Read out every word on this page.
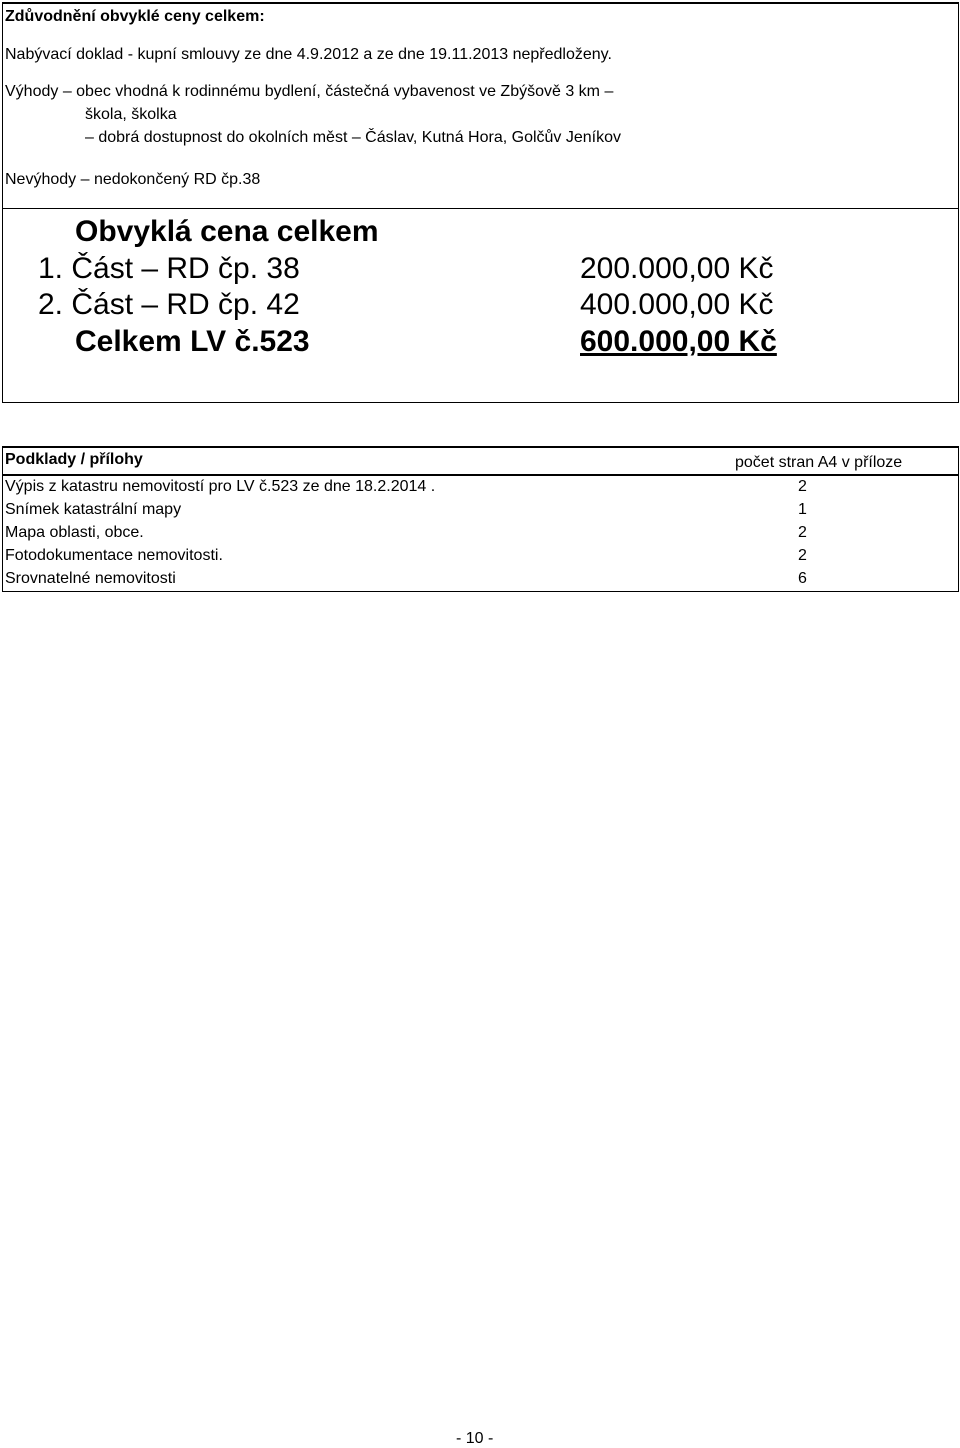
Zdůvodnění obvyklé ceny celkem:
Nabývací doklad - kupní smlouvy ze dne 4.9.2012 a ze dne 19.11.2013 nepředloženy.
Výhody – obec vhodná k rodinnému bydlení, částečná vybavenost ve Zbýšově 3 km –
škola, školka
– dobrá dostupnost do okolních měst – Čáslav, Kutná Hora, Golčův Jeníkov
Nevýhody – nedokončený RD čp.38
Obvyklá cena celkem
1. Část – RD čp. 38	200.000,00 Kč
2. Část – RD čp. 42	400.000,00 Kč
Celkem LV č.523	600.000,00 Kč
Podklady / přílohy	počet stran A4 v příloze
Výpis z katastru nemovitostí pro LV č.523 ze dne 18.2.2014 .	2
Snímek katastrální mapy	1
Mapa oblasti, obce.	2
Fotodokumentace nemovitosti.	2
Srovnatelné nemovitosti	6
- 10 -
